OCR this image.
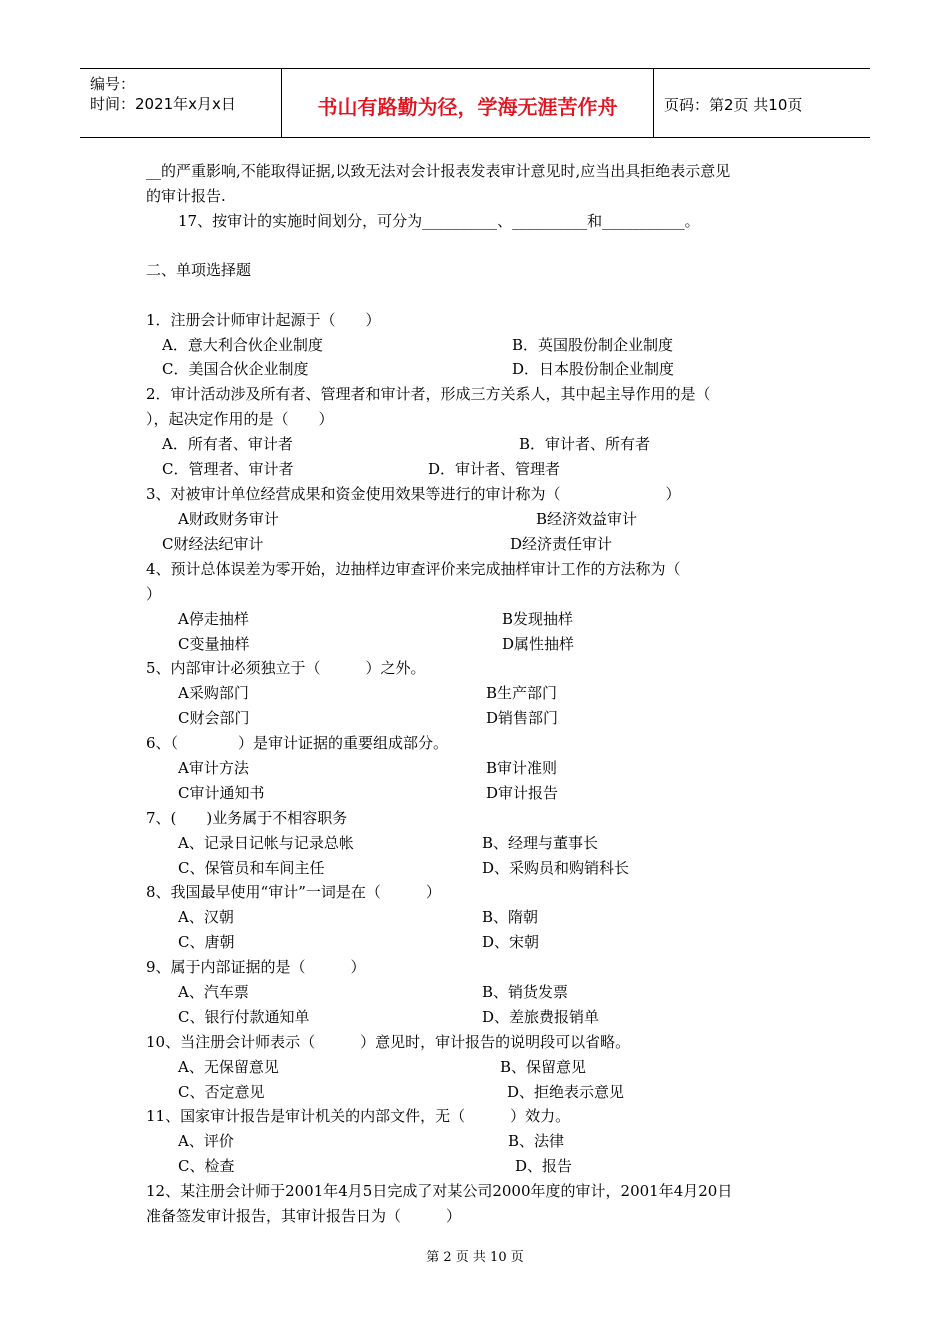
编号：
时间：2021年x月x日	书山有路勤为径，学海无涯苦作舟	页码：第2页 共10页
__的严重影响,不能取得证据,以致无法对会计报表发表审计意见时,应当出具拒绝表示意见
的审计报告.
17、按审计的实施时间划分，可分为__________、__________和___________。
二、单项选择题
1．注册会计师审计起源于（　　）
A．意大利合伙企业制度	B．英国股份制企业制度
C．美国合伙企业制度	D．日本股份制企业制度
2．审计活动涉及所有者、管理者和审计者，形成三方关系人，其中起主导作用的是（
），起决定作用的是（　　）
A．所有者、审计者	B．审计者、所有者
C．管理者、审计者	D．审计者、管理者
3、对被审计单位经营成果和资金使用效果等进行的审计称为（　　　　　　　）
A财政财务审计	B经济效益审计
C财经法纪审计	D经济责任审计
4、预计总体误差为零开始，边抽样边审查评价来完成抽样审计工作的方法称为（
）
A停走抽样	B发现抽样
C变量抽样	D属性抽样
5、内部审计必须独立于（　　　）之外。
A采购部门	B生产部门
C财会部门	D销售部门
6、（　　　　）是审计证据的重要组成部分。
A审计方法	B审计准则
C审计通知书	D审计报告
7、(　　)业务属于不相容职务
A、记录日记帐与记录总帐	B、经理与董事长
C、保管员和车间主任	D、采购员和购销科长
8、我国最早使用“审计”一词是在（　　　）
A、汉朝	B、隋朝
C、唐朝	D、宋朝
9、属于内部证据的是（　　　）
A、汽车票	B、销货发票
C、银行付款通知单	D、差旅费报销单
10、当注册会计师表示（　　　）意见时，审计报告的说明段可以省略。
A、无保留意见	B、保留意见
C、否定意见	D、拒绝表示意见
11、国家审计报告是审计机关的内部文件，无（　　　）效力。
A、评价	B、法律
C、检查	D、报告
12、某注册会计师于2001年4月5日完成了对某公司2000年度的审计，2001年4月20日
准备签发审计报告，其审计报告日为（　　　）
第 2 页 共 10 页
